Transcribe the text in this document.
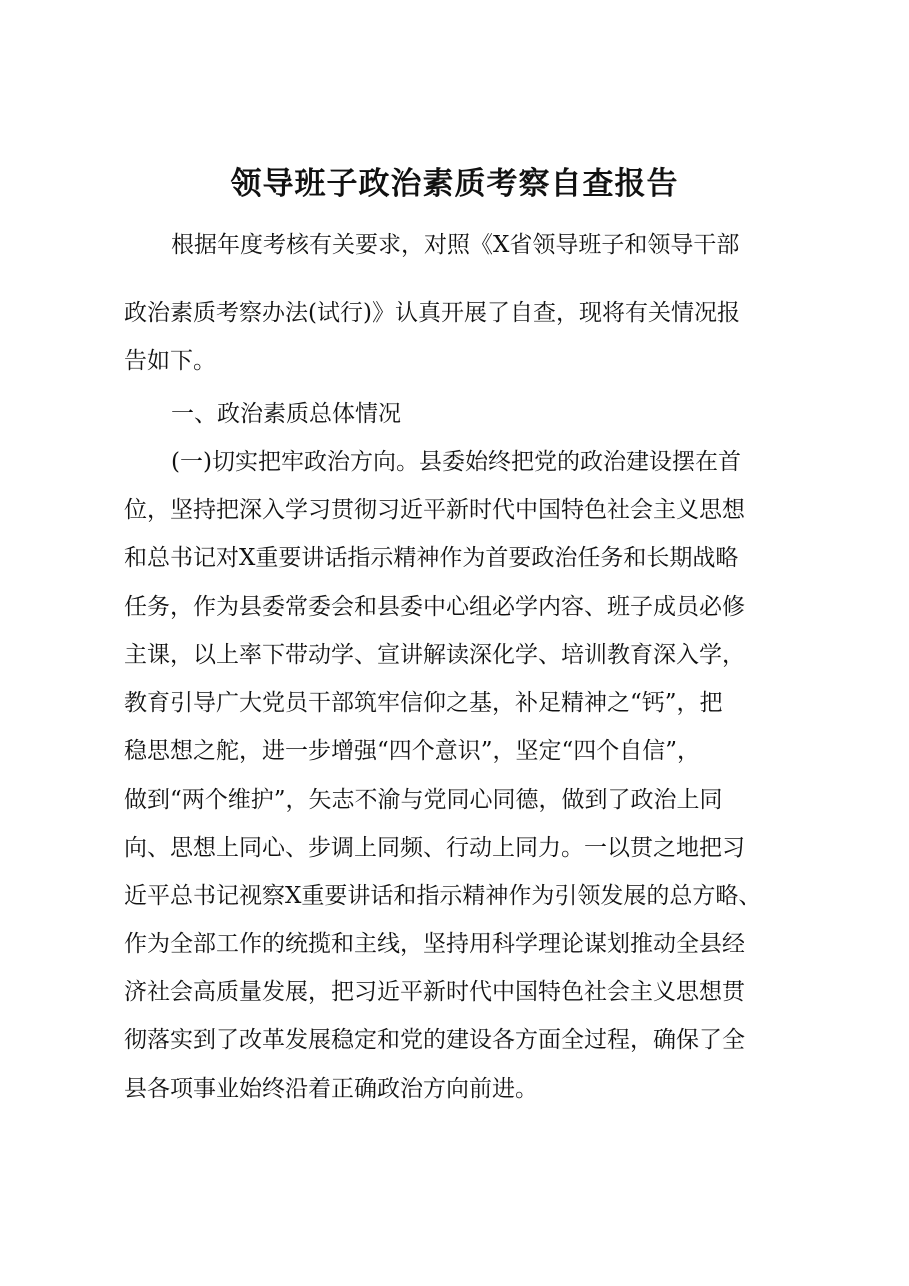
领导班子政治素质考察自查报告

根据年度考核有关要求，对照《X省领导班子和领导干部

政治素质考察办法(试行)》认真开展了自查，现将有关情况报

告如下。

一、政治素质总体情况

(一)切实把牢政治方向。县委始终把党的政治建设摆在首

位，坚持把深入学习贯彻习近平新时代中国特色社会主义思想

和总书记对X重要讲话指示精神作为首要政治任务和长期战略

任务，作为县委常委会和县委中心组必学内容、班子成员必修

主课，以上率下带动学、宣讲解读深化学、培训教育深入学，

教育引导广大党员干部筑牢信仰之基，补足精神之“钙”，把

稳思想之舵，进一步增强“四个意识”，坚定“四个自信”，

做到“两个维护”，矢志不渝与党同心同德，做到了政治上同

向、思想上同心、步调上同频、行动上同力。一以贯之地把习

近平总书记视察X重要讲话和指示精神作为引领发展的总方略、

作为全部工作的统揽和主线，坚持用科学理论谋划推动全县经

济社会高质量发展，把习近平新时代中国特色社会主义思想贯

彻落实到了改革发展稳定和党的建设各方面全过程，确保了全

县各项事业始终沿着正确政治方向前进。
